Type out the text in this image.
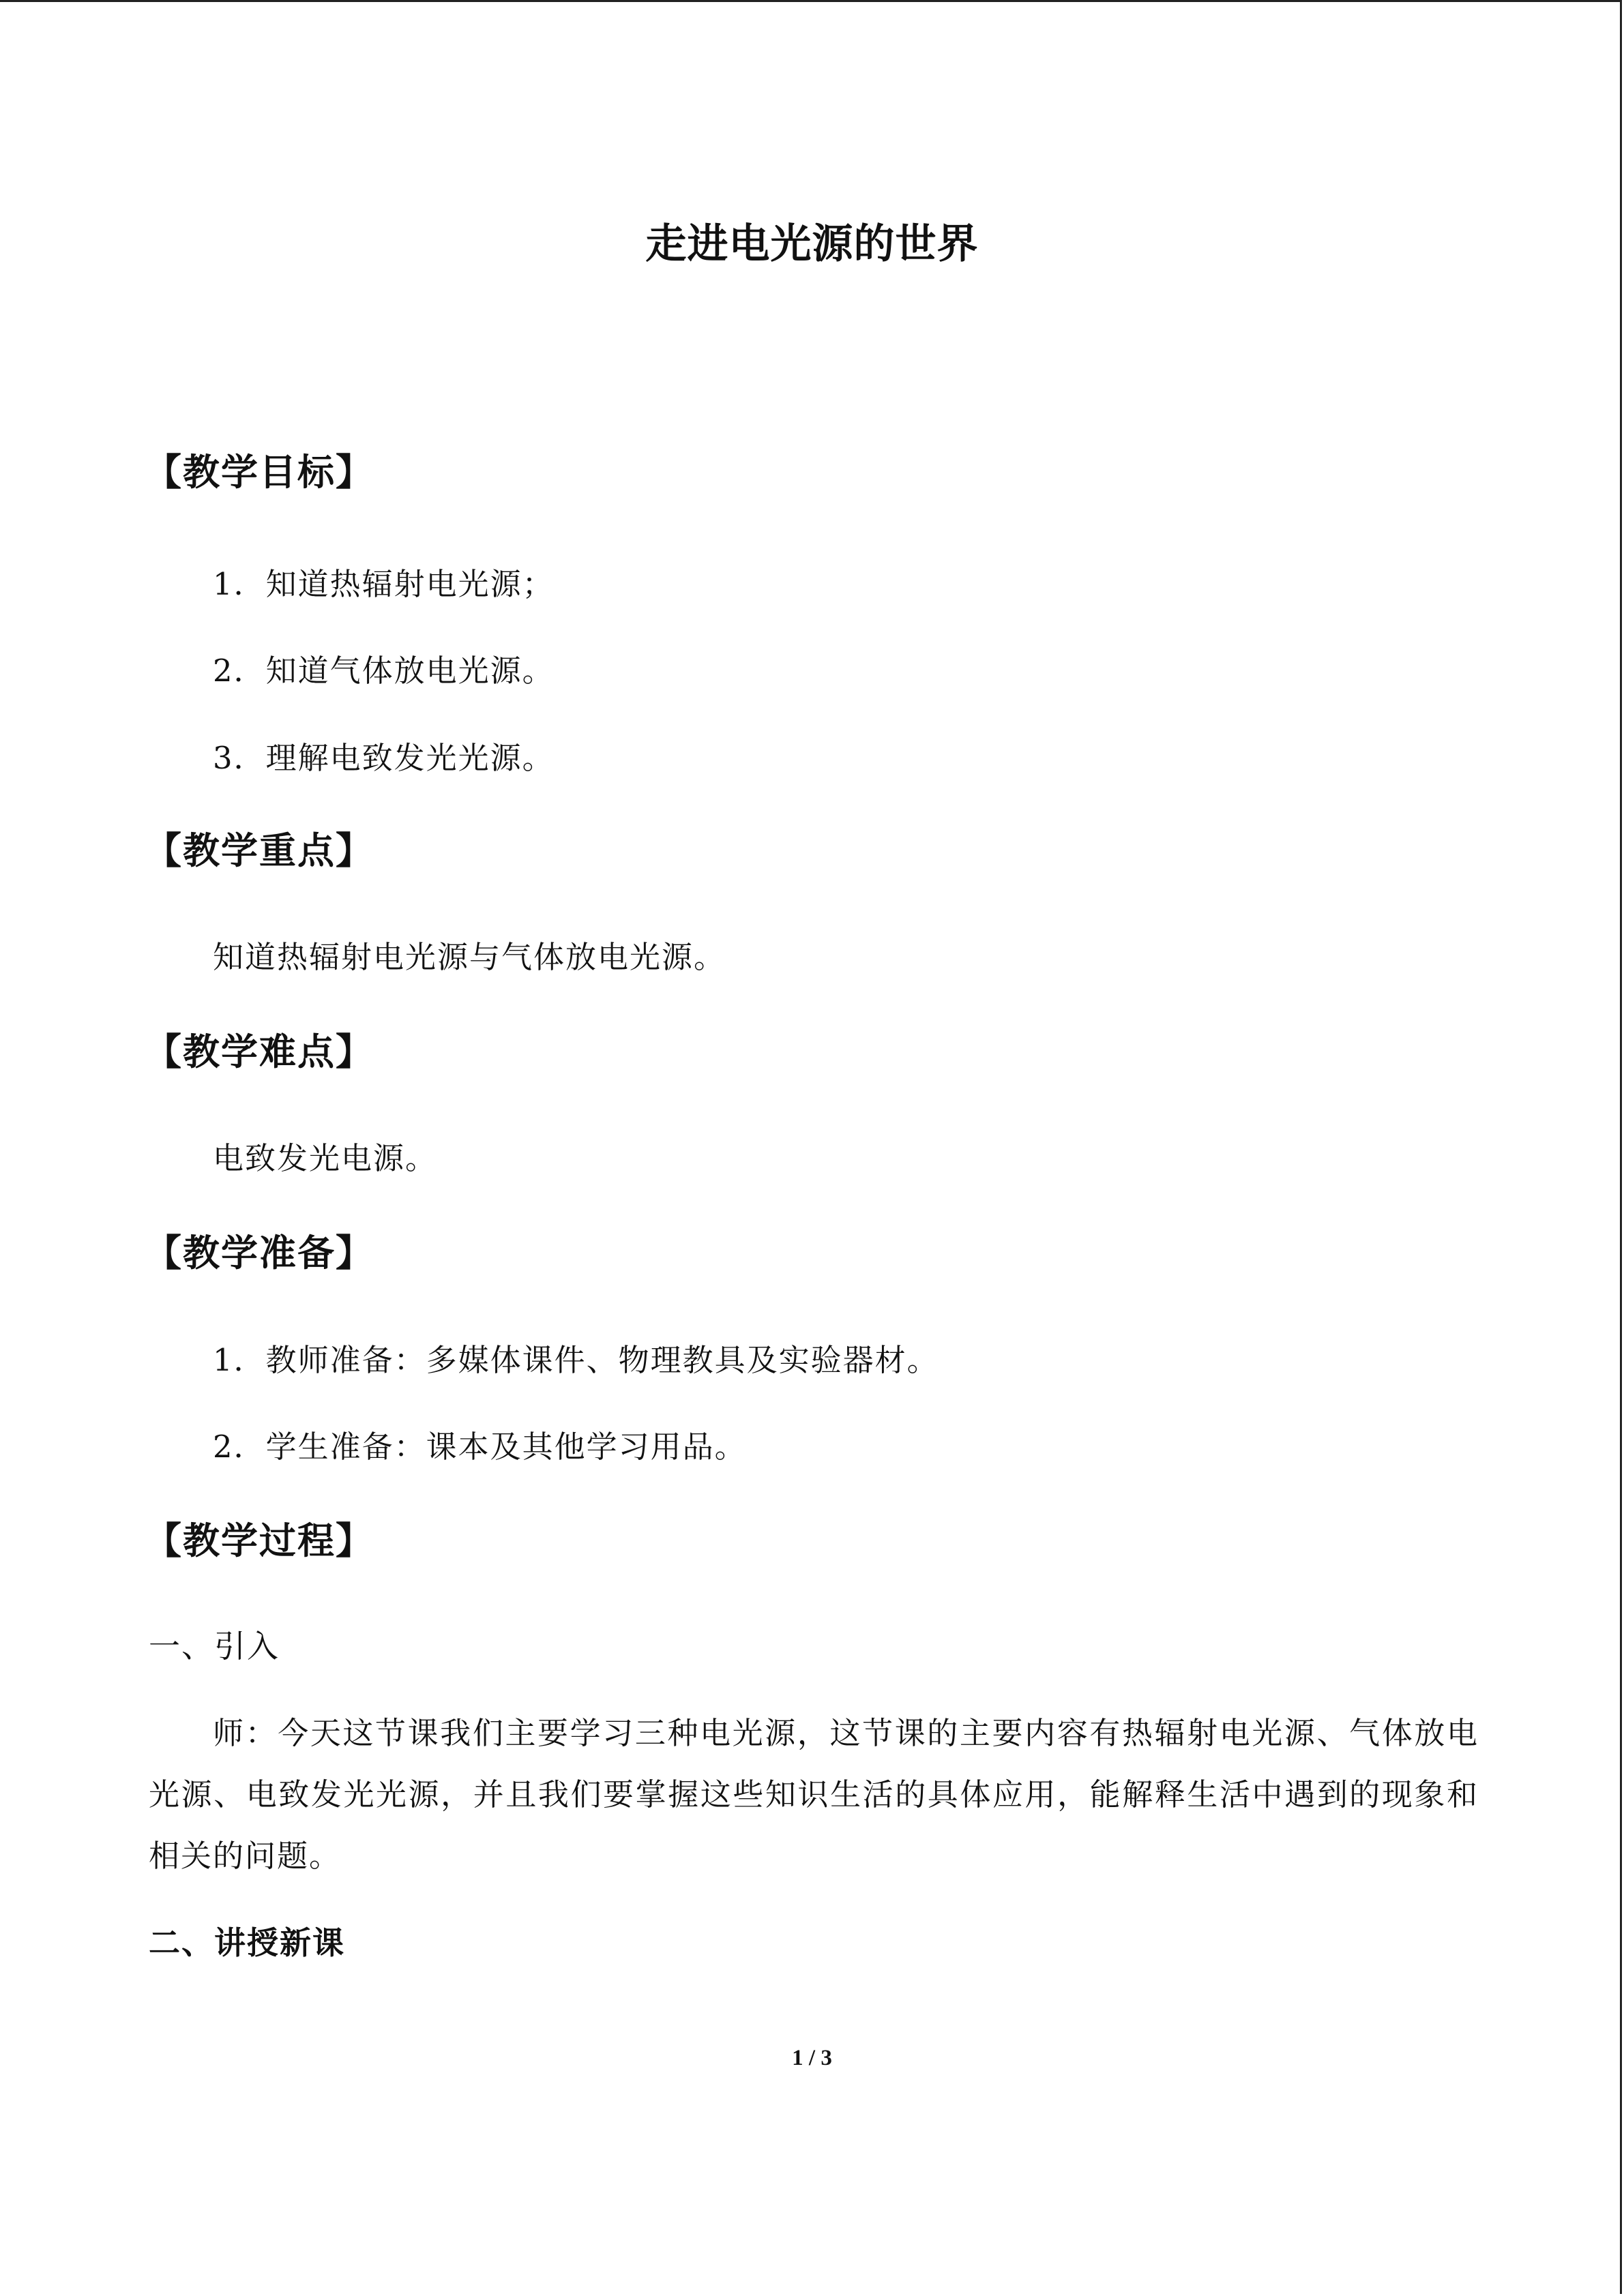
走进电光源的世界
【教学目标】
1．知道热辐射电光源；
2．知道气体放电光源。
3．理解电致发光光源。
【教学重点】
知道热辐射电光源与气体放电光源。
【教学难点】
电致发光电源。
【教学准备】
1．教师准备：多媒体课件、物理教具及实验器材。
2．学生准备：课本及其他学习用品。
【教学过程】
一、引入
师：今天这节课我们主要学习三种电光源，这节课的主要内容有热辐射电光源、气体放电光源、电致发光光源，并且我们要掌握这些知识生活的具体应用，能解释生活中遇到的现象和相关的问题。
二、讲授新课
1 / 3
